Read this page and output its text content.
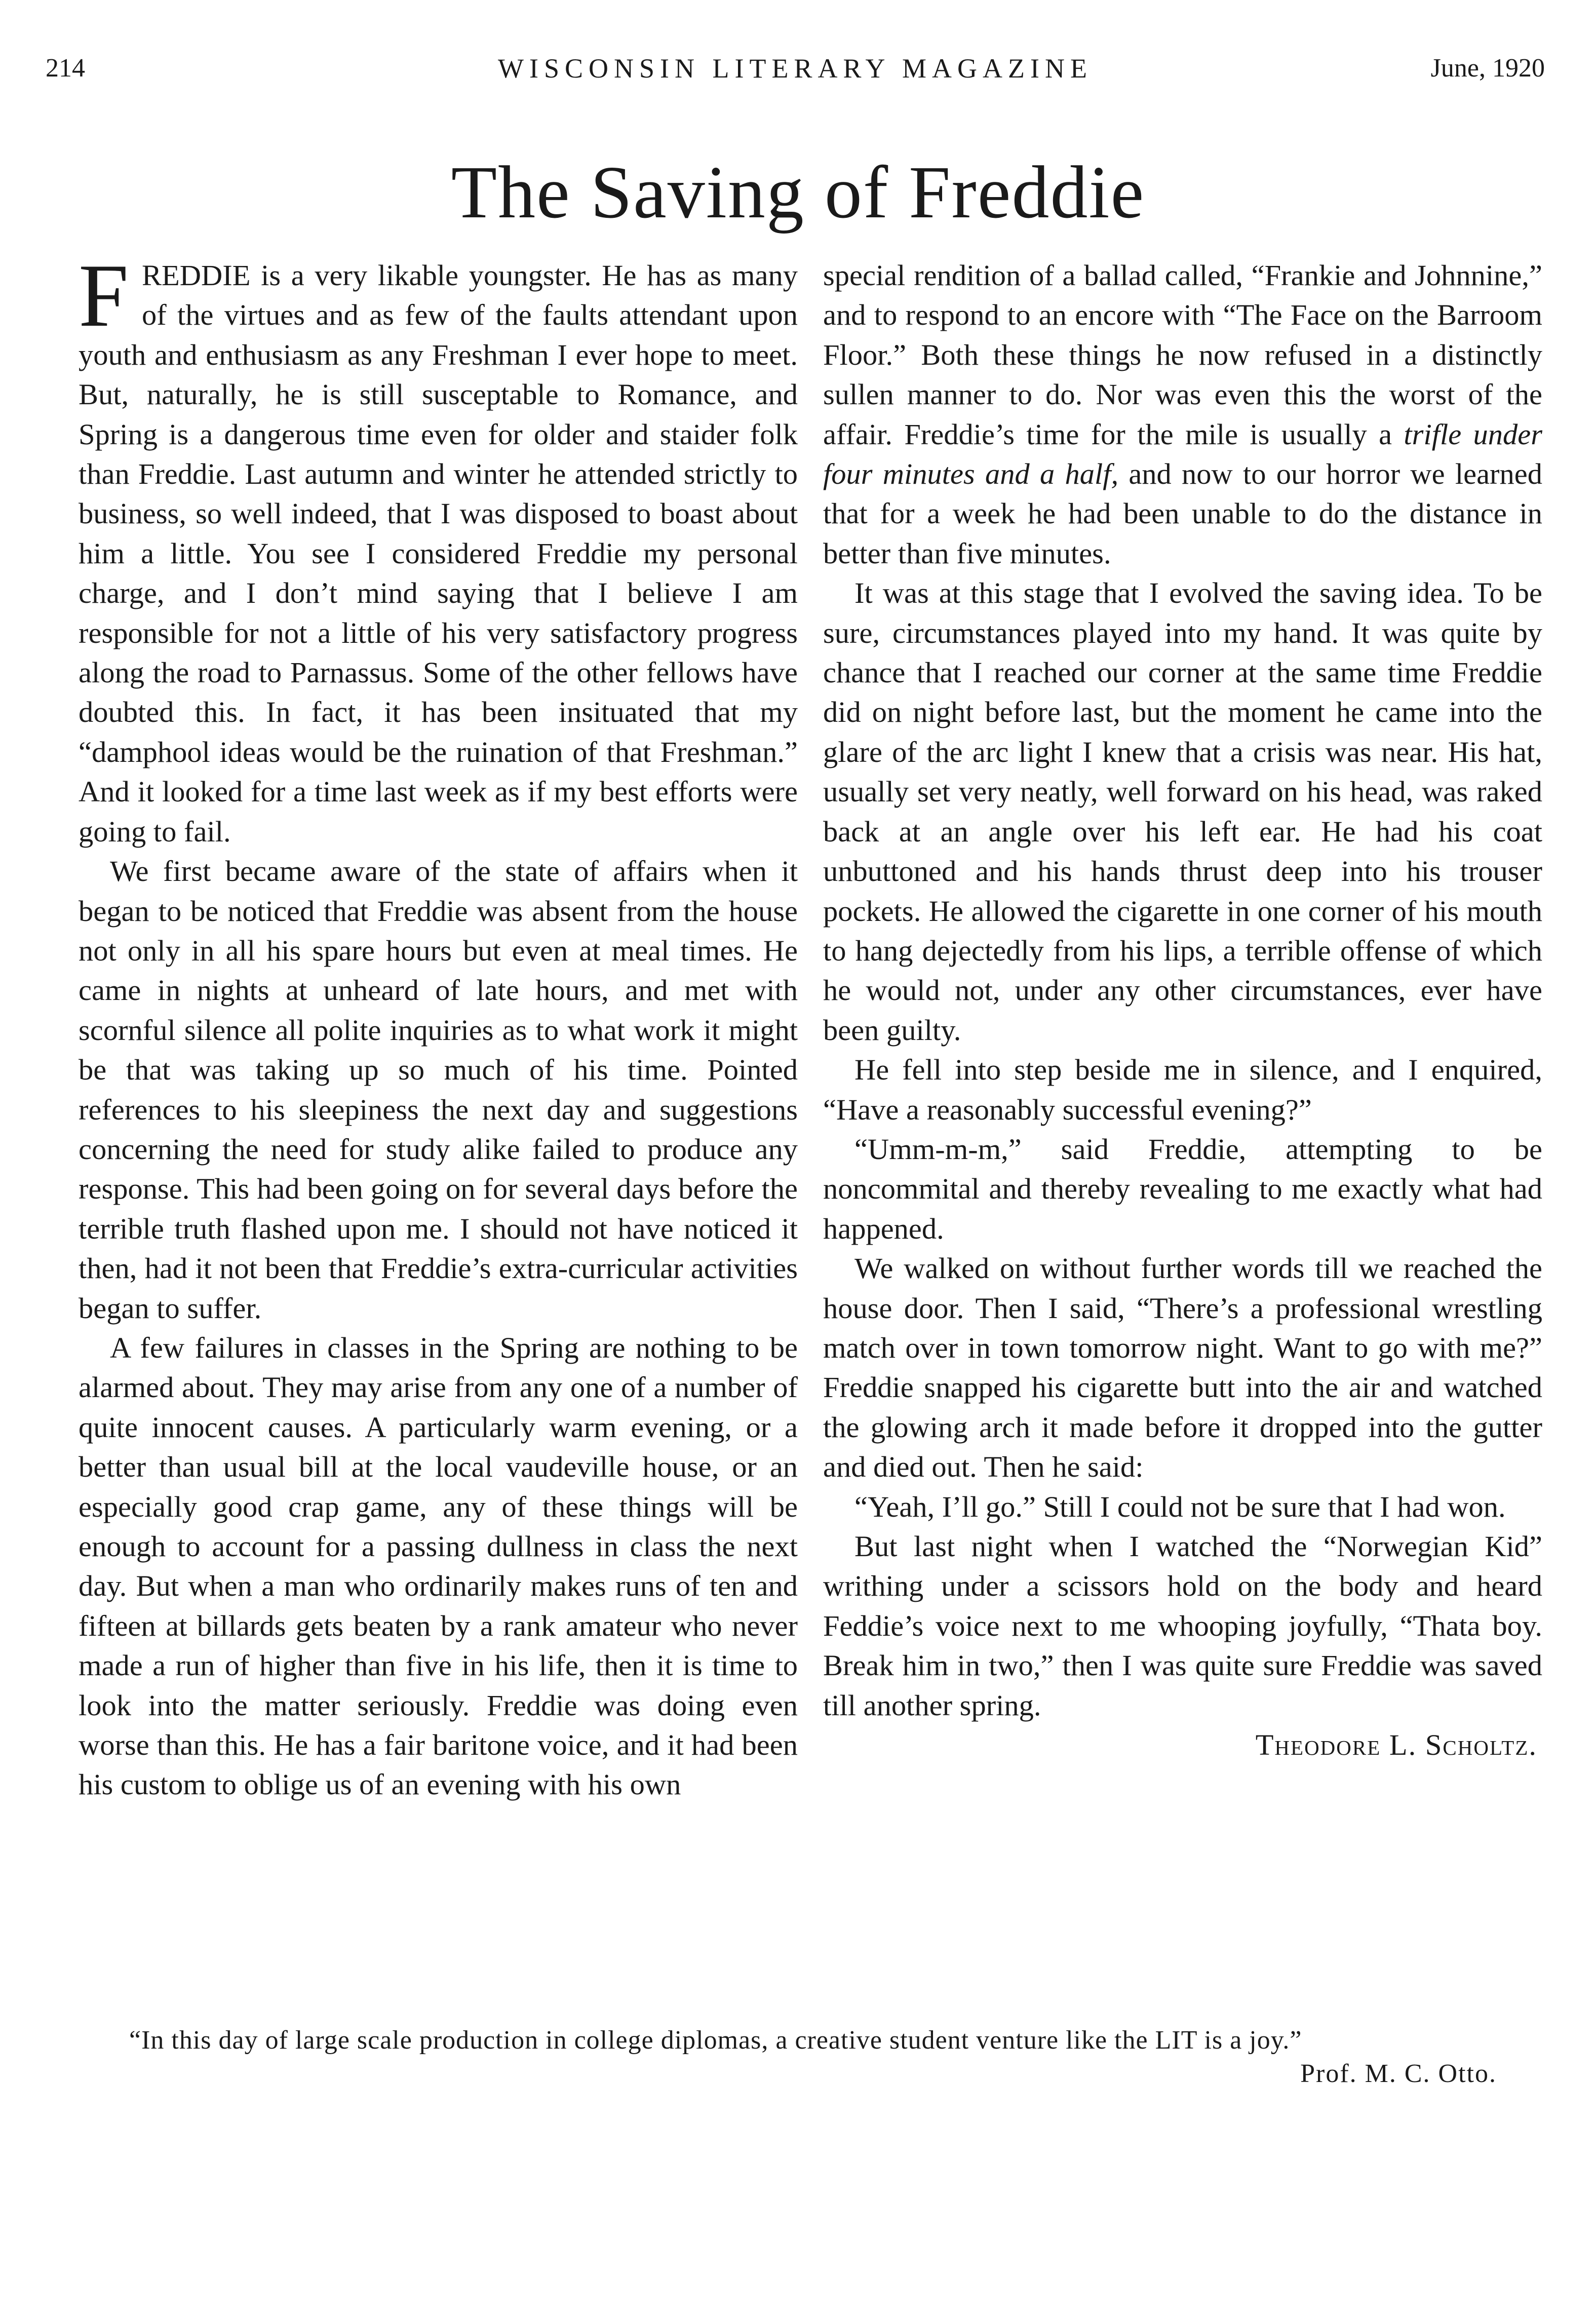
214	WISCONSIN LITERARY MAGAZINE	June, 1920
The Saving of Freddie

FREDDIE is a very likable youngster. He has as many of the virtues and as few of the faults attendant upon youth and enthusiasm as any Freshman I ever hope to meet. But, naturally, he is still susceptable to Romance, and Spring is a dangerous time even for older and staider folk than Freddie. Last autumn and winter he attended strictly to business, so well indeed, that I was disposed to boast about him a little. You see I considered Freddie my personal charge, and I don’t mind saying that I believe I am responsible for not a little of his very satisfactory progress along the road to Parnassus. Some of the other fellows have doubted this. In fact, it has been insituated that my “damphool ideas would be the ruination of that Freshman.” And it looked for a time last week as if my best efforts were going to fail.

We first became aware of the state of affairs when it began to be noticed that Freddie was absent from the house not only in all his spare hours but even at meal times. He came in nights at unheard of late hours, and met with scornful silence all polite inquiries as to what work it might be that was taking up so much of his time. Pointed references to his sleepiness the next day and suggestions concerning the need for study alike failed to produce any response. This had been going on for several days before the terrible truth flashed upon me. I should not have noticed it then, had it not been that Freddie’s extra-curricular activities began to suffer.

A few failures in classes in the Spring are nothing to be alarmed about. They may arise from any one of a number of quite innocent causes. A particularly warm evening, or a better than usual bill at the local vaudeville house, or an especially good crap game, any of these things will be enough to account for a passing dullness in class the next day. But when a man who ordinarily makes runs of ten and fifteen at billards gets beaten by a rank amateur who never made a run of higher than five in his life, then it is time to look into the matter seriously. Freddie was doing even worse than this. He has a fair baritone voice, and it had been his custom to oblige us of an evening with his own

special rendition of a ballad called, “Frankie and Johnnine,” and to respond to an encore with “The Face on the Barroom Floor.” Both these things he now refused in a distinctly sullen manner to do. Nor was even this the worst of the affair. Freddie’s time for the mile is usually a trifle under four minutes and a half, and now to our horror we learned that for a week he had been unable to do the distance in better than five minutes.

It was at this stage that I evolved the saving idea. To be sure, circumstances played into my hand. It was quite by chance that I reached our corner at the same time Freddie did on night before last, but the moment he came into the glare of the arc light I knew that a crisis was near. His hat, usually set very neatly, well forward on his head, was raked back at an angle over his left ear. He had his coat unbuttoned and his hands thrust deep into his trouser pockets. He allowed the cigarette in one corner of his mouth to hang dejectedly from his lips, a terrible offense of which he would not, under any other circumstances, ever have been guilty.

He fell into step beside me in silence, and I enquired, “Have a reasonably successful evening?”

“Umm-m-m,” said Freddie, attempting to be noncommital and thereby revealing to me exactly what had happened.

We walked on without further words till we reached the house door. Then I said, “There’s a professional wrestling match over in town tomorrow night. Want to go with me?” Freddie snapped his cigarette butt into the air and watched the glowing arch it made before it dropped into the gutter and died out. Then he said:

“Yeah, I’ll go.” Still I could not be sure that I had won.

But last night when I watched the “Norwegian Kid” writhing under a scissors hold on the body and heard Feddie’s voice next to me whooping joyfully, “Thata boy. Break him in two,” then I was quite sure Freddie was saved till another spring.

Theodore L. Scholtz.

“In this day of large scale production in college diplomas, a creative student venture like the LIT is a joy.”
Prof. M. C. Otto.
